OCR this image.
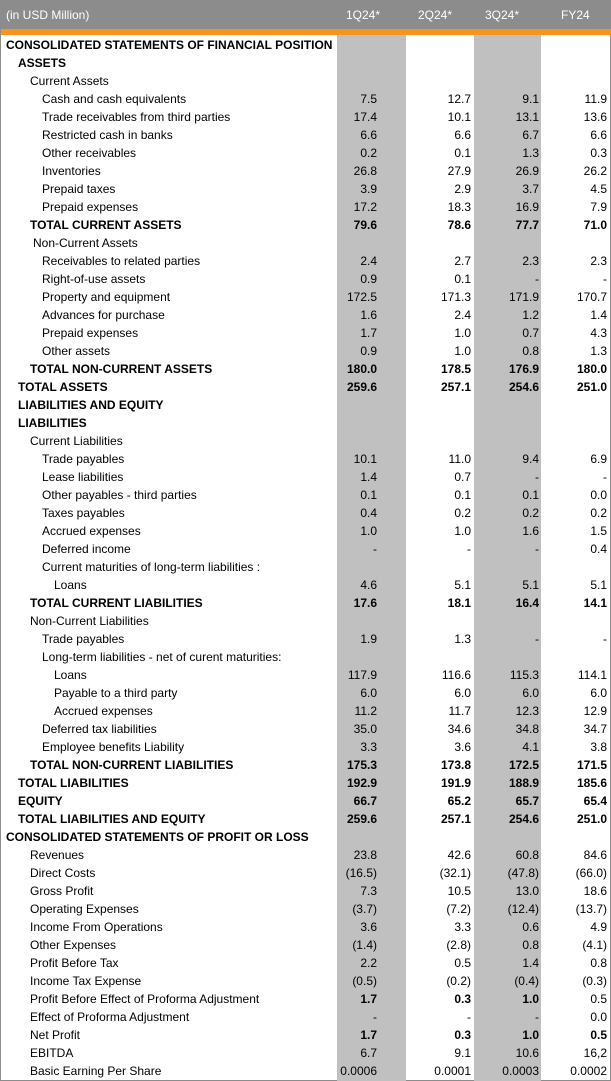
(in USD Million)	1Q24*	2Q24*	3Q24*	FY24
CONSOLIDATED STATEMENTS OF FINANCIAL POSITION
ASSETS
Current Assets
Cash and cash equivalents	7.5	12.7	9.1	11.9
Trade receivables from third parties	17.4	10.1	13.1	13.6
Restricted cash in banks	6.6	6.6	6.7	6.6
Other receivables	0.2	0.1	1.3	0.3
Inventories	26.8	27.9	26.9	26.2
Prepaid taxes	3.9	2.9	3.7	4.5
Prepaid expenses	17.2	18.3	16.9	7.9
TOTAL CURRENT ASSETS	79.6	78.6	77.7	71.0
Non-Current Assets
Receivables to related parties	2.4	2.7	2.3	2.3
Right-of-use assets	0.9	0.1	-	-
Property and equipment	172.5	171.3	171.9	170.7
Advances for purchase	1.6	2.4	1.2	1.4
Prepaid expenses	1.7	1.0	0.7	4.3
Other assets	0.9	1.0	0.8	1.3
TOTAL NON-CURRENT ASSETS	180.0	178.5	176.9	180.0
TOTAL ASSETS	259.6	257.1	254.6	251.0
LIABILITIES AND EQUITY
LIABILITIES
Current Liabilities
Trade payables	10.1	11.0	9.4	6.9
Lease liabilities	1.4	0.7	-	-
Other payables - third parties	0.1	0.1	0.1	0.0
Taxes payables	0.4	0.2	0.2	0.2
Accrued expenses	1.0	1.0	1.6	1.5
Deferred income	-	-	-	0.4
Current maturities of long-term liabilities :
Loans	4.6	5.1	5.1	5.1
TOTAL CURRENT LIABILITIES	17.6	18.1	16.4	14.1
Non-Current Liabilities
Trade payables	1.9	1.3	-	-
Long-term liabilities - net of curent maturities:
Loans	117.9	116.6	115.3	114.1
Payable to a third party	6.0	6.0	6.0	6.0
Accrued expenses	11.2	11.7	12.3	12.9
Deferred tax liabilities	35.0	34.6	34.8	34.7
Employee benefits Liability	3.3	3.6	4.1	3.8
TOTAL NON-CURRENT LIABILITIES	175.3	173.8	172.5	171.5
TOTAL LIABILITIES	192.9	191.9	188.9	185.6
EQUITY	66.7	65.2	65.7	65.4
TOTAL LIABILITIES AND EQUITY	259.6	257.1	254.6	251.0
CONSOLIDATED STATEMENTS OF PROFIT OR LOSS
Revenues	23.8	42.6	60.8	84.6
Direct Costs	(16.5)	(32.1)	(47.8)	(66.0)
Gross Profit	7.3	10.5	13.0	18.6
Operating Expenses	(3.7)	(7.2)	(12.4)	(13.7)
Income From Operations	3.6	3.3	0.6	4.9
Other Expenses	(1.4)	(2.8)	0.8	(4.1)
Profit Before Tax	2.2	0.5	1.4	0.8
Income Tax Expense	(0.5)	(0.2)	(0.4)	(0.3)
Profit Before Effect of Proforma Adjustment	1.7	0.3	1.0	0.5
Effect of Proforma Adjustment	-	-	-	0.0
Net Profit	1.7	0.3	1.0	0.5
EBITDA	6.7	9.1	10.6	16,2
Basic Earning Per Share	0.0006	0.0001	0.0003	0.0002
